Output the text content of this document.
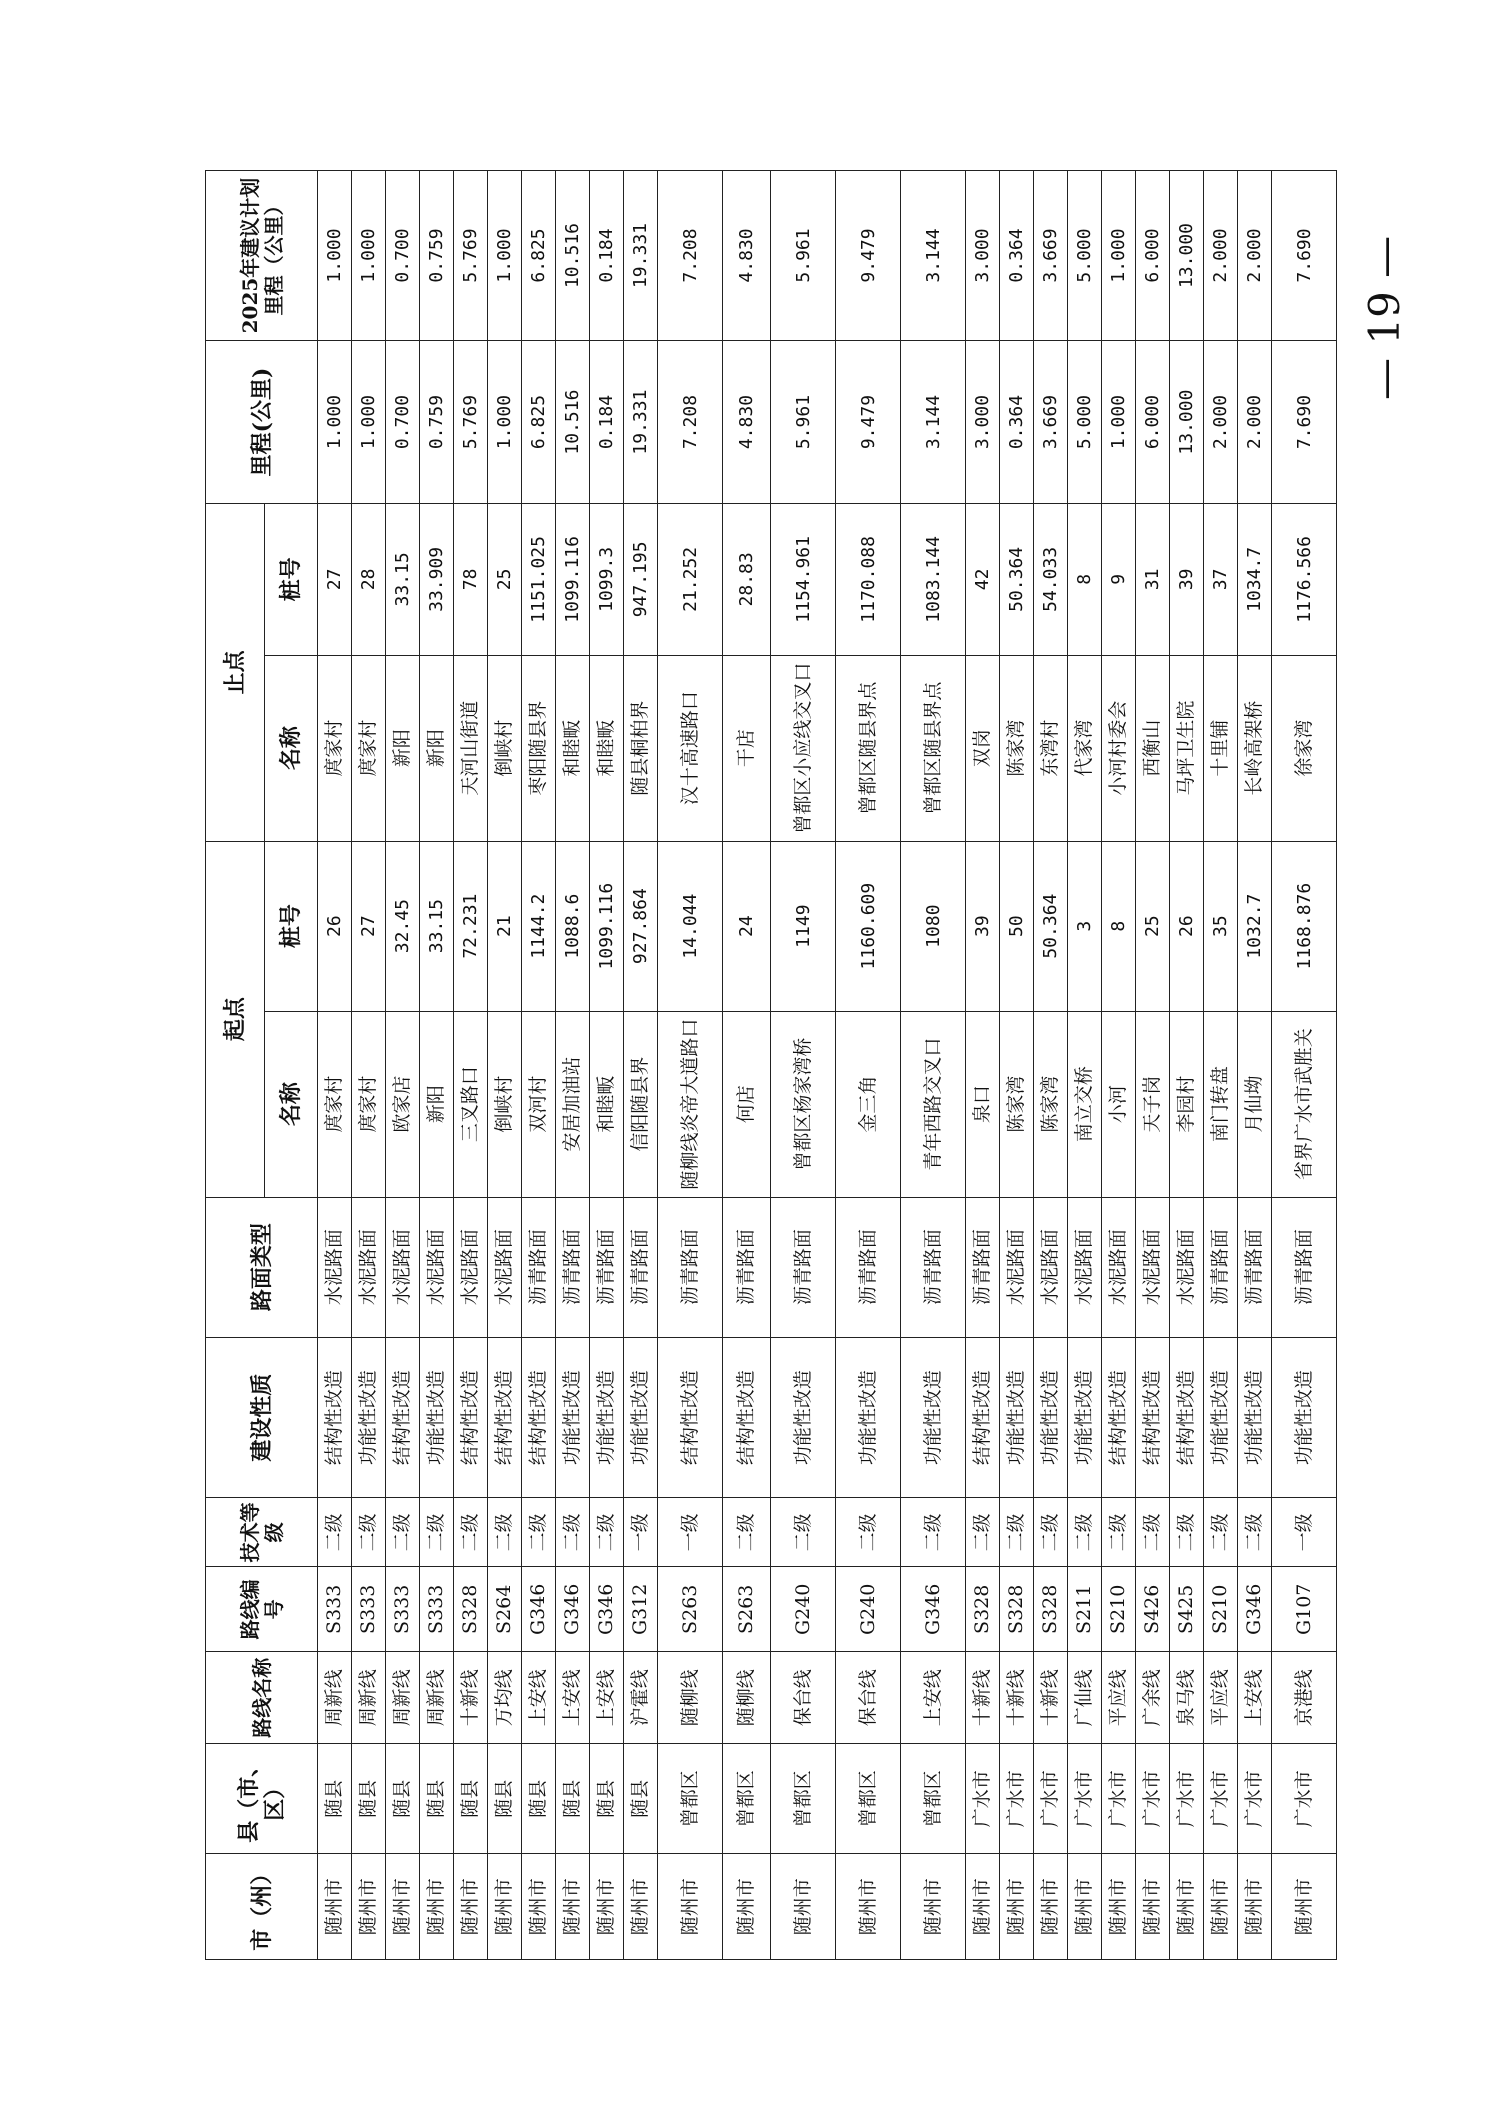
市（州）	县（市、区）	路线名称	路线编号	技术等级	建设性质	路面类型	起点		止点		里程(公里)	2025年建议计划里程（公里）
							名称	桩号	名称	桩号		
随州市	随县	周新线	S333	二级	结构性改造	水泥路面	庹家村	26	庹家村	27	1.000	1.000
随州市	随县	周新线	S333	二级	功能性改造	水泥路面	庹家村	27	庹家村	28	1.000	1.000
随州市	随县	周新线	S333	二级	结构性改造	水泥路面	欧家店	32.45	新阳	33.15	0.700	0.700
随州市	随县	周新线	S333	二级	功能性改造	水泥路面	新阳	33.15	新阳	33.909	0.759	0.759
随州市	随县	十新线	S328	二级	结构性改造	水泥路面	三叉路口	72.231	天河山街道	78	5.769	5.769
随州市	随县	万均线	S264	二级	结构性改造	水泥路面	倒峡村	21	倒峡村	25	1.000	1.000
随州市	随县	上安线	G346	二级	结构性改造	沥青路面	双河村	1144.2	枣阳随县界	1151.025	6.825	6.825
随州市	随县	上安线	G346	二级	功能性改造	沥青路面	安居加油站	1088.6	和睦畈	1099.116	10.516	10.516
随州市	随县	上安线	G346	二级	功能性改造	沥青路面	和睦畈	1099.116	和睦畈	1099.3	0.184	0.184
随州市	随县	沪霍线	G312	一级	功能性改造	沥青路面	信阳随县界	927.864	随县桐柏界	947.195	19.331	19.331
随州市	曾都区	随柳线	S263	一级	结构性改造	沥青路面	随柳线炎帝大道路口	14.044	汉十高速路口	21.252	7.208	7.208
随州市	曾都区	随柳线	S263	二级	结构性改造	沥青路面	何店	24	干店	28.83	4.830	4.830
随州市	曾都区	保台线	G240	二级	功能性改造	沥青路面	曾都区杨家湾桥	1149	曾都区小应线交叉口	1154.961	5.961	5.961
随州市	曾都区	保台线	G240	二级	功能性改造	沥青路面	金三角	1160.609	曾都区随县界点	1170.088	9.479	9.479
随州市	曾都区	上安线	G346	二级	功能性改造	沥青路面	青年西路交叉口	1080	曾都区随县界点	1083.144	3.144	3.144
随州市	广水市	十新线	S328	二级	结构性改造	沥青路面	泉口	39	双岗	42	3.000	3.000
随州市	广水市	十新线	S328	二级	功能性改造	水泥路面	陈家湾	50	陈家湾	50.364	0.364	0.364
随州市	广水市	十新线	S328	二级	功能性改造	水泥路面	陈家湾	50.364	东湾村	54.033	3.669	3.669
随州市	广水市	广仙线	S211	二级	功能性改造	水泥路面	南立交桥	3	代家湾	8	5.000	5.000
随州市	广水市	平应线	S210	二级	结构性改造	水泥路面	小河	8	小河村委会	9	1.000	1.000
随州市	广水市	广余线	S426	二级	结构性改造	水泥路面	天子岗	25	西衡山	31	6.000	6.000
随州市	广水市	泉马线	S425	二级	结构性改造	水泥路面	李园村	26	马坪卫生院	39	13.000	13.000
随州市	广水市	平应线	S210	二级	功能性改造	沥青路面	南门转盘	35	十里铺	37	2.000	2.000
随州市	广水市	上安线	G346	二级	功能性改造	沥青路面	月仙坳	1032.7	长岭高架桥	1034.7	2.000	2.000
随州市	广水市	京港线	G107	一级	功能性改造	沥青路面	省界广水市武胜关	1168.876	徐家湾	1176.566	7.690	7.690	— 19 —
